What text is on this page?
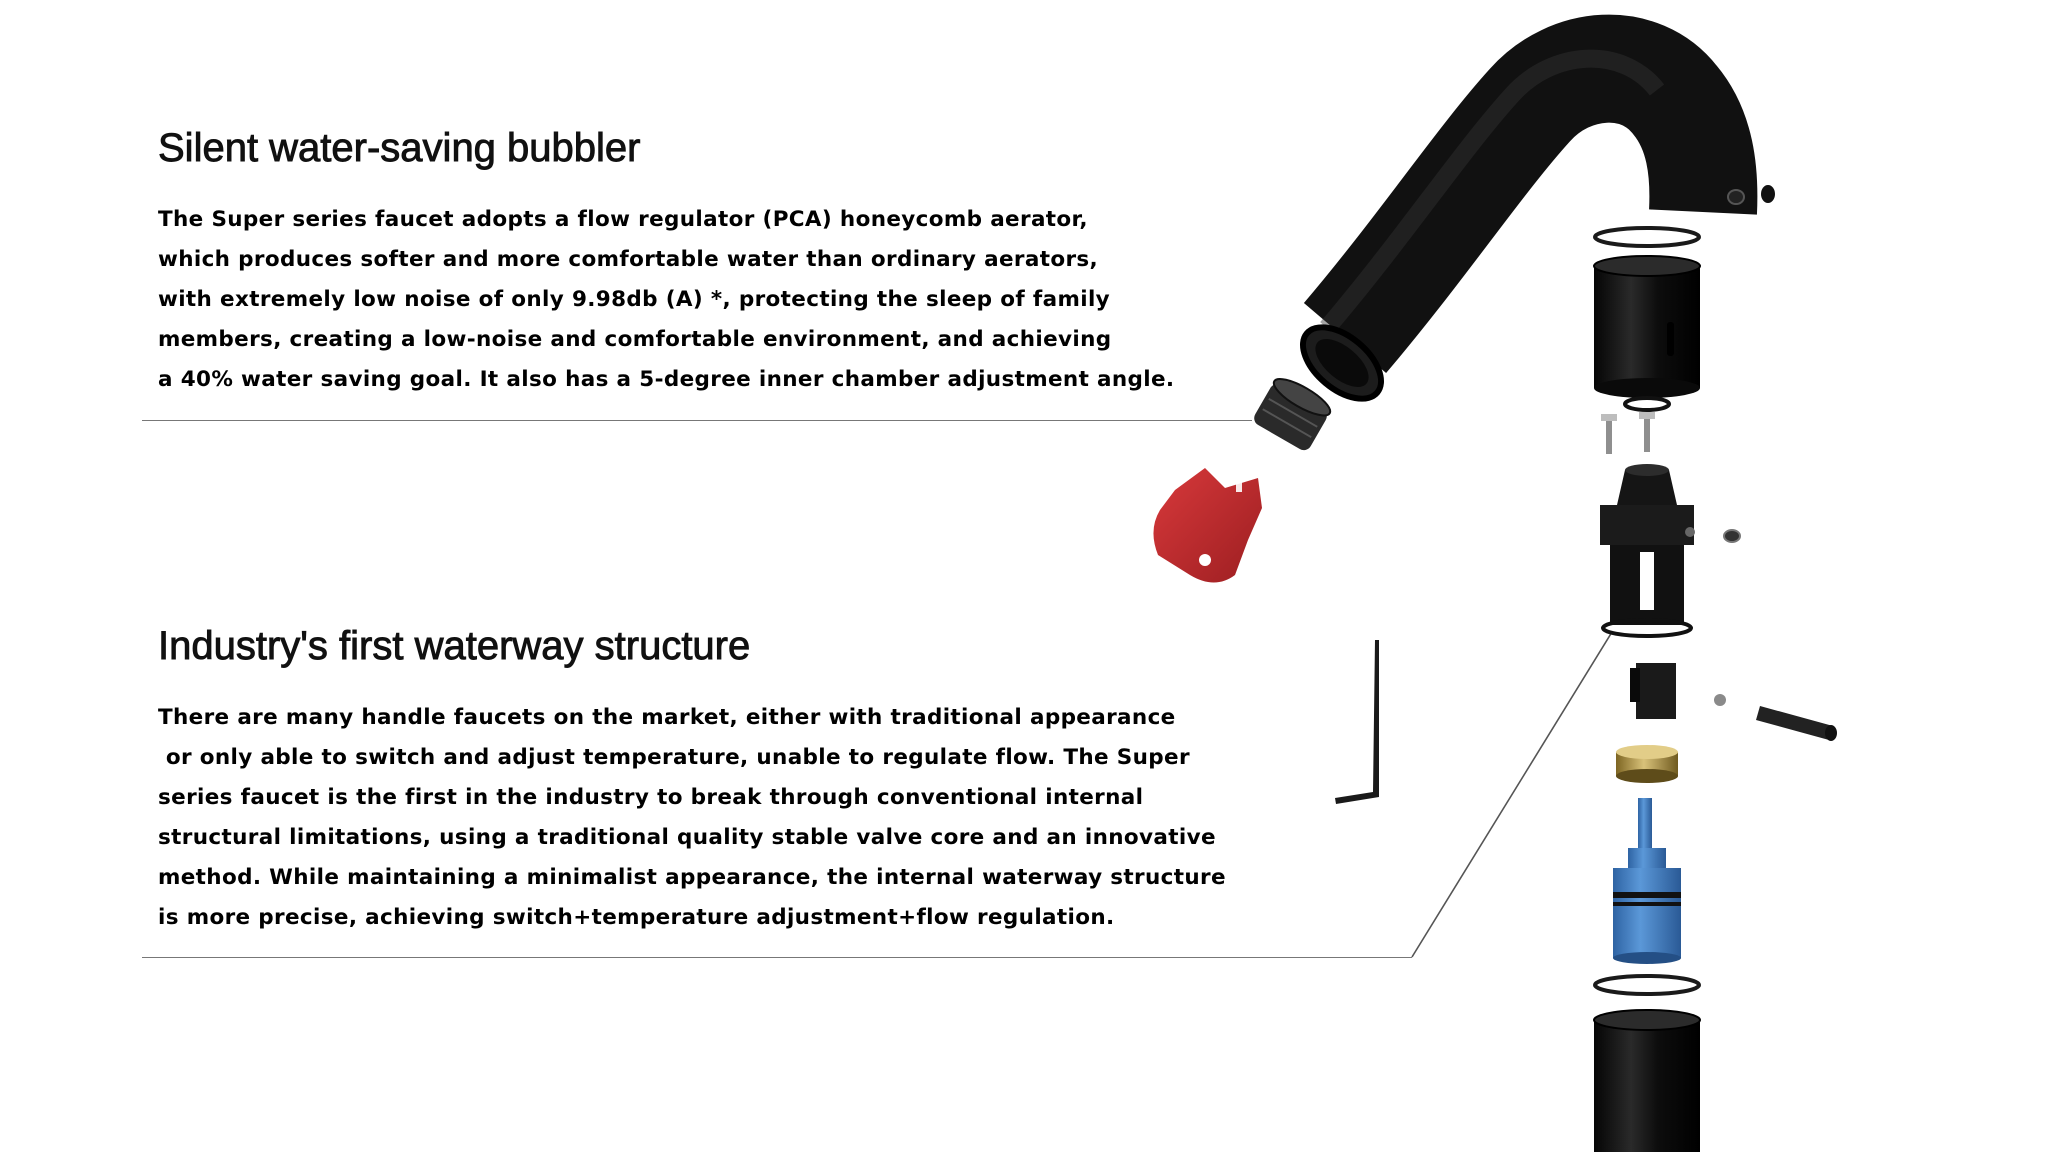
Silent water-saving bubbler
The Super series faucet adopts a flow regulator (PCA) honeycomb aerator,
which produces softer and more comfortable water than ordinary aerators,
with extremely low noise of only 9.98db (A) *, protecting the sleep of family
members, creating a low-noise and comfortable environment, and achieving
a 40% water saving goal. It also has a 5-degree inner chamber adjustment angle.
Industry's first waterway structure
There are many handle faucets on the market, either with traditional appearance
or only able to switch and adjust temperature, unable to regulate flow. The Super
series faucet is the first in the industry to break through conventional internal
structural limitations, using a traditional quality stable valve core and an innovative
method. While maintaining a minimalist appearance, the internal waterway structure
is more precise, achieving switch+temperature adjustment+flow regulation.
